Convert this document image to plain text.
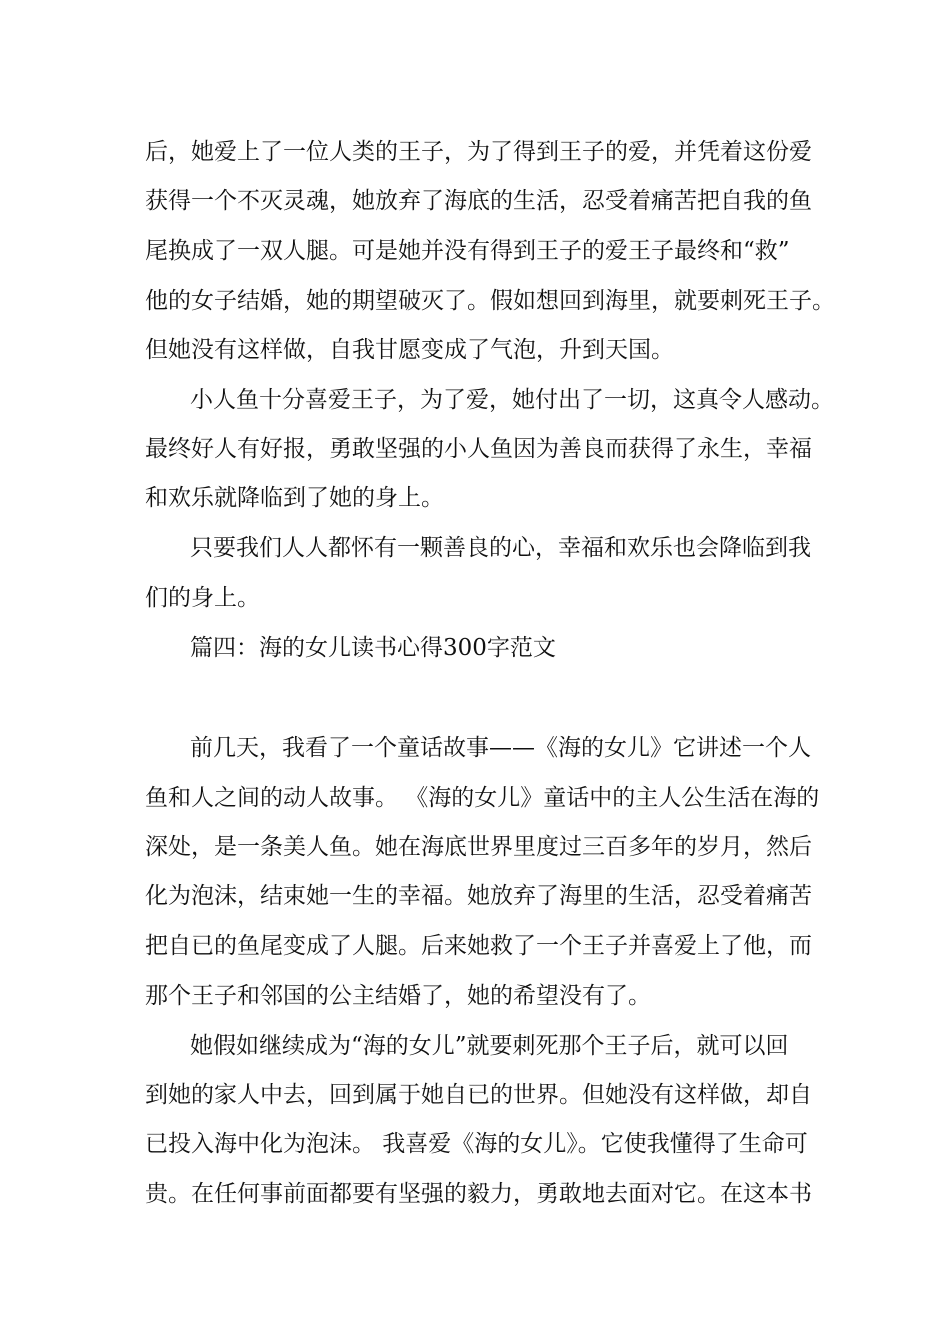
后，她爱上了一位人类的王子，为了得到王子的爱，并凭着这份爱
获得一个不灭灵魂，她放弃了海底的生活，忍受着痛苦把自我的鱼
尾换成了一双人腿。可是她并没有得到王子的爱王子最终和“救”
他的女子结婚，她的期望破灭了。假如想回到海里，就要刺死王子。
但她没有这样做，自我甘愿变成了气泡，升到天国。
小人鱼十分喜爱王子，为了爱，她付出了一切，这真令人感动。
最终好人有好报，勇敢坚强的小人鱼因为善良而获得了永生，幸福
和欢乐就降临到了她的身上。
只要我们人人都怀有一颗善良的心，幸福和欢乐也会降临到我
们的身上。
篇四：海的女儿读书心得300字范文
前几天，我看了一个童话故事——《海的女儿》它讲述一个人
鱼和人之间的动人故事。 《海的女儿》童话中的主人公生活在海的
深处，是一条美人鱼。她在海底世界里度过三百多年的岁月，然后
化为泡沫，结束她一生的幸福。她放弃了海里的生活，忍受着痛苦
把自已的鱼尾变成了人腿。后来她救了一个王子并喜爱上了他，而
那个王子和邻国的公主结婚了，她的希望没有了。
她假如继续成为“海的女儿”就要刺死那个王子后，就可以回
到她的家人中去，回到属于她自已的世界。但她没有这样做，却自
已投入海中化为泡沫。 我喜爱《海的女儿》。它使我懂得了生命可
贵。在任何事前面都要有坚强的毅力，勇敢地去面对它。在这本书
